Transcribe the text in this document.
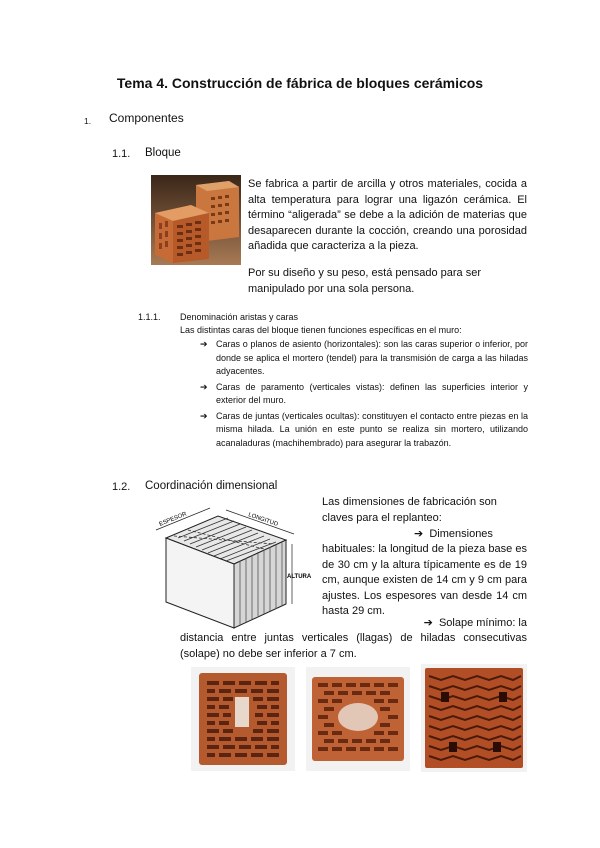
Tema 4. Construcción de fábrica de bloques cerámicos
1. Componentes
1.1. Bloque
Se fabrica a partir de arcilla y otros materiales, cocida a alta temperatura para lograr una ligazón cerámica. El término “aligerada” se debe a la adición de materias que desaparecen durante la cocción, creando una porosidad añadida que caracteriza a la pieza.
Por su diseño y su peso, está pensado para ser manipulado por una sola persona.
1.1.1. Denominación aristas y caras
Las distintas caras del bloque tienen funciones específicas en el muro:
➔ Caras o planos de asiento (horizontales): son las caras superior o inferior, por donde se aplica el mortero (tendel) para la transmisión de carga a las hiladas adyacentes.
➔ Caras de paramento (verticales vistas): definen las superficies interior y exterior del muro.
➔ Caras de juntas (verticales ocultas): constituyen el contacto entre piezas en la misma hilada. La unión en este punto se realiza sin mortero, utilizando acanaladuras (machihembrado) para asegurar la trabazón.
1.2. Coordinación dimensional
ESPESOR	LONGITUD
ALTURA
Las dimensiones de fabricación son claves para el replanteo:
➔ Dimensiones
habituales: la longitud de la pieza base es de 30 cm y la altura típicamente es de 19 cm, aunque existen de 14 cm y 9 cm para ajustes. Los espesores van desde 14 cm hasta 29 cm.
➔ Solape mínimo: la
distancia entre juntas verticales (llagas) de hiladas consecutivas (solape) no debe ser inferior a 7 cm.
